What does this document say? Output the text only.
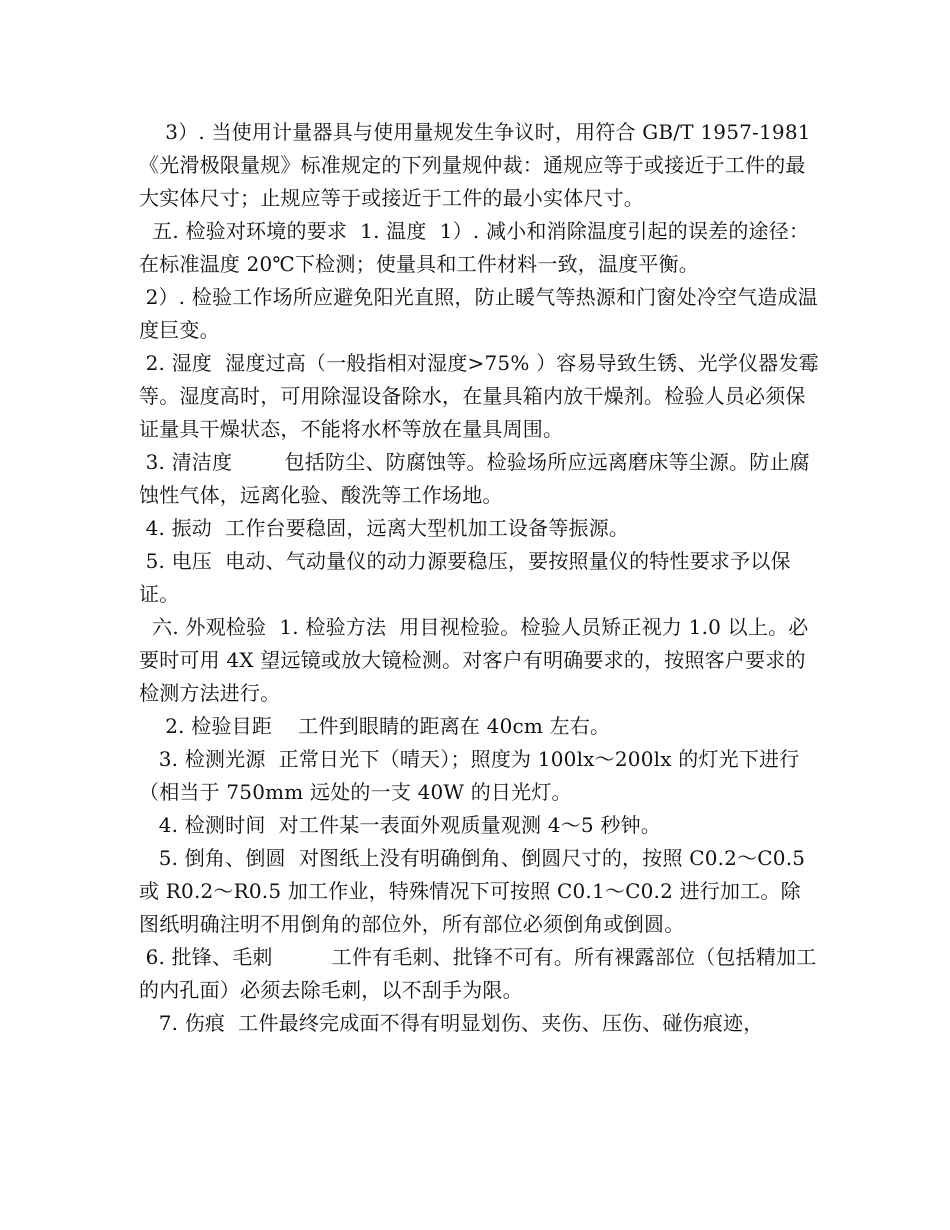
3）. 当使用计量器具与使用量规发生争议时，用符合 GB/T 1957-1981《光滑极限量规》标准规定的下列量规仲裁：通规应等于或接近于工件的最大实体尺寸；止规应等于或接近于工件的最小实体尺寸。

五. 检验对环境的要求  1. 温度  1）. 减小和消除温度引起的误差的途径：在标准温度 20℃下检测；使量具和工件材料一致，温度平衡。

2）. 检验工作场所应避免阳光直照，防止暖气等热源和门窗处冷空气造成温度巨变。

2. 湿度  湿度过高（一般指相对湿度>75% ）容易导致生锈、光学仪器发霉等。湿度高时，可用除湿设备除水，在量具箱内放干燥剂。检验人员必须保证量具干燥状态，不能将水杯等放在量具周围。

3. 清洁度        包括防尘、防腐蚀等。检验场所应远离磨床等尘源。防止腐蚀性气体，远离化验、酸洗等工作场地。

4. 振动  工作台要稳固，远离大型机加工设备等振源。

5. 电压  电动、气动量仪的动力源要稳压，要按照量仪的特性要求予以保证。

六. 外观检验  1. 检验方法  用目视检验。检验人员矫正视力 1.0 以上。必要时可用 4X 望远镜或放大镜检测。对客户有明确要求的，按照客户要求的检测方法进行。

2. 检验目距    工件到眼睛的距离在 40cm 左右。

3. 检测光源  正常日光下（晴天）；照度为 100lx～200lx 的灯光下进行（相当于 750mm 远处的一支 40W 的日光灯。

4. 检测时间  对工件某一表面外观质量观测 4～5 秒钟。

5. 倒角、倒圆  对图纸上没有明确倒角、倒圆尺寸的，按照 C0.2～C0.5 或 R0.2～R0.5 加工作业，特殊情况下可按照 C0.1～C0.2 进行加工。除图纸明确注明不用倒角的部位外，所有部位必须倒角或倒圆。

6. 批锋、毛刺         工件有毛刺、批锋不可有。所有裸露部位（包括精加工的内孔面）必须去除毛刺，以不刮手为限。

7. 伤痕  工件最终完成面不得有明显划伤、夹伤、压伤、碰伤痕迹，
